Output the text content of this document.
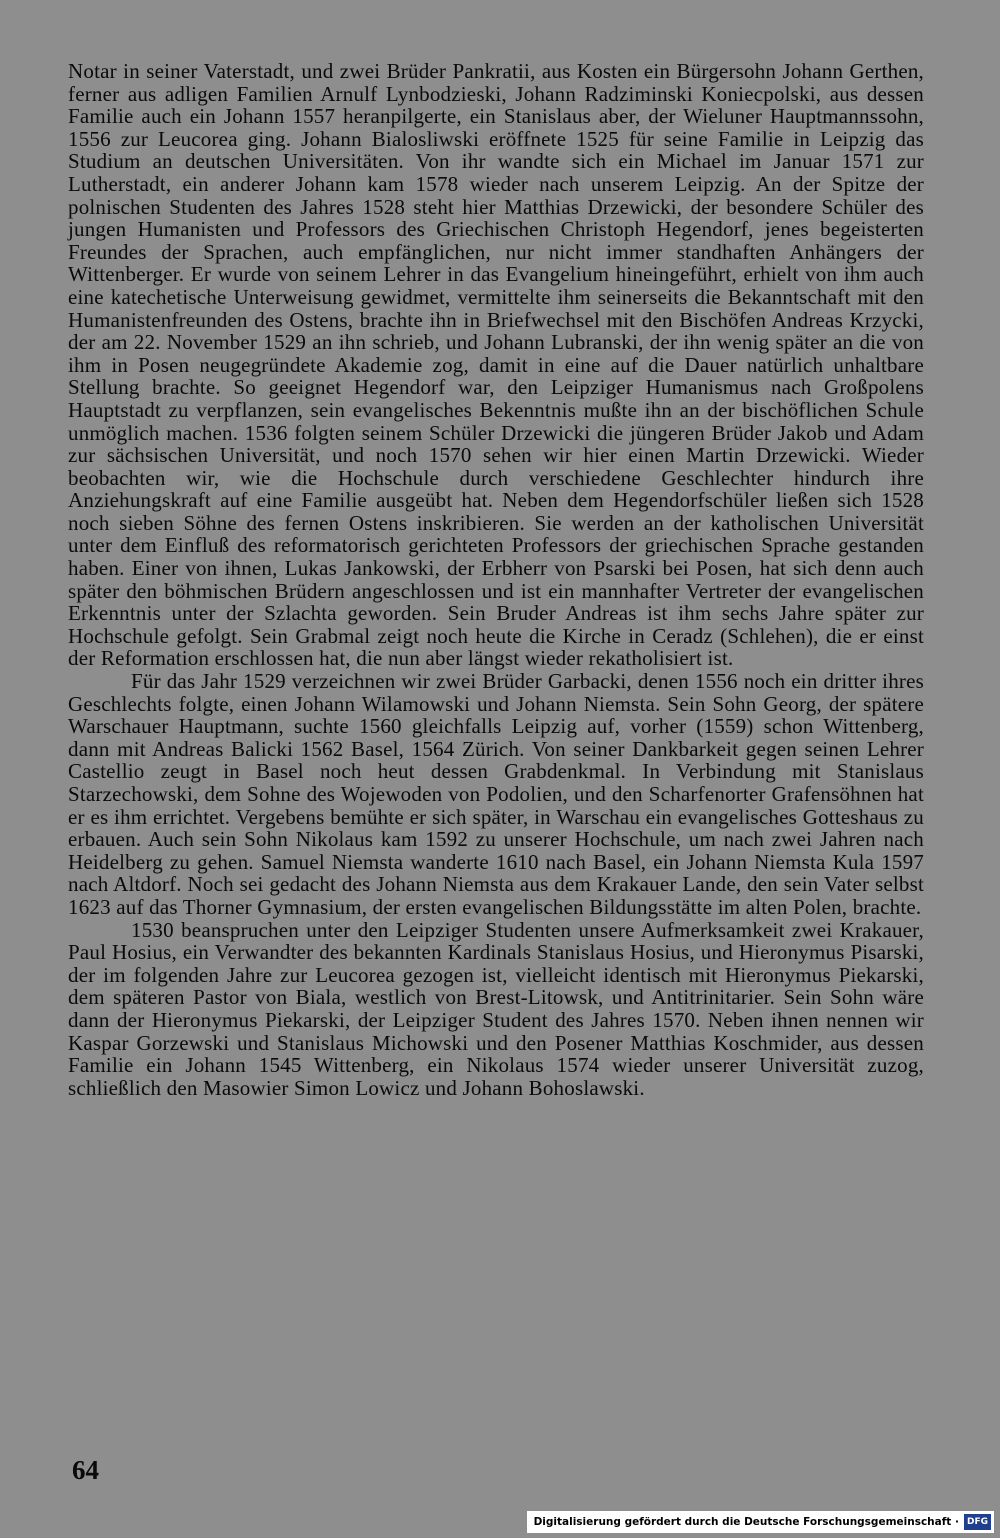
Notar in seiner Vaterstadt, und zwei Brüder Pankratii, aus Kosten ein Bürgersohn Johann Gerthen, ferner aus adligen Familien Arnulf Lynbodzieski, Johann Radziminski Koniecpolski, aus dessen Familie auch ein Johann 1557 heranpilgerte, ein Stanislaus aber, der Wieluner Hauptmannssohn, 1556 zur Leucorea ging. Johann Bialosliwski eröffnete 1525 für seine Familie in Leipzig das Studium an deutschen Universitäten. Von ihr wandte sich ein Michael im Januar 1571 zur Lutherstadt, ein anderer Johann kam 1578 wieder nach unserem Leipzig. An der Spitze der polnischen Studenten des Jahres 1528 steht hier Matthias Drzewicki, der besondere Schüler des jungen Humanisten und Professors des Griechischen Christoph Hegendorf, jenes begeisterten Freundes der Sprachen, auch empfänglichen, nur nicht immer standhaften Anhängers der Wittenberger. Er wurde von seinem Lehrer in das Evangelium hineingeführt, erhielt von ihm auch eine katechetische Unterweisung gewidmet, vermittelte ihm seinerseits die Bekanntschaft mit den Humanistenfreunden des Ostens, brachte ihn in Briefwechsel mit den Bischöfen Andreas Krzycki, der am 22. November 1529 an ihn schrieb, und Johann Lubranski, der ihn wenig später an die von ihm in Posen neugegründete Akademie zog, damit in eine auf die Dauer natürlich unhaltbare Stellung brachte. So geeignet Hegendorf war, den Leipziger Humanismus nach Großpolens Hauptstadt zu verpflanzen, sein evangelisches Bekenntnis mußte ihn an der bischöflichen Schule unmöglich machen. 1536 folgten seinem Schüler Drzewicki die jüngeren Brüder Jakob und Adam zur sächsischen Universität, und noch 1570 sehen wir hier einen Martin Drzewicki. Wieder beobachten wir, wie die Hochschule durch verschiedene Geschlechter hindurch ihre Anziehungskraft auf eine Familie ausgeübt hat. Neben dem Hegendorfschüler ließen sich 1528 noch sieben Söhne des fernen Ostens inskribieren. Sie werden an der katholischen Universität unter dem Einfluß des reformatorisch gerichteten Professors der griechischen Sprache gestanden haben. Einer von ihnen, Lukas Jankowski, der Erbherr von Psarski bei Posen, hat sich denn auch später den böhmischen Brüdern angeschlossen und ist ein mannhafter Vertreter der evangelischen Erkenntnis unter der Szlachta geworden. Sein Bruder Andreas ist ihm sechs Jahre später zur Hochschule gefolgt. Sein Grabmal zeigt noch heute die Kirche in Ceradz (Schlehen), die er einst der Reformation erschlossen hat, die nun aber längst wieder rekatholisiert ist.

Für das Jahr 1529 verzeichnen wir zwei Brüder Garbacki, denen 1556 noch ein dritter ihres Geschlechts folgte, einen Johann Wilamowski und Johann Niemsta. Sein Sohn Georg, der spätere Warschauer Hauptmann, suchte 1560 gleichfalls Leipzig auf, vorher (1559) schon Wittenberg, dann mit Andreas Balicki 1562 Basel, 1564 Zürich. Von seiner Dankbarkeit gegen seinen Lehrer Castellio zeugt in Basel noch heut dessen Grabdenkmal. In Verbindung mit Stanislaus Starzechowski, dem Sohne des Wojewoden von Podolien, und den Scharfenorter Grafensöhnen hat er es ihm errichtet. Vergebens bemühte er sich später, in Warschau ein evangelisches Gotteshaus zu erbauen. Auch sein Sohn Nikolaus kam 1592 zu unserer Hochschule, um nach zwei Jahren nach Heidelberg zu gehen. Samuel Niemsta wanderte 1610 nach Basel, ein Johann Niemsta Kula 1597 nach Altdorf. Noch sei gedacht des Johann Niemsta aus dem Krakauer Lande, den sein Vater selbst 1623 auf das Thorner Gymnasium, der ersten evangelischen Bildungsstätte im alten Polen, brachte.

1530 beanspruchen unter den Leipziger Studenten unsere Aufmerksamkeit zwei Krakauer, Paul Hosius, ein Verwandter des bekannten Kardinals Stanislaus Hosius, und Hieronymus Pisarski, der im folgenden Jahre zur Leucorea gezogen ist, vielleicht identisch mit Hieronymus Piekarski, dem späteren Pastor von Biala, westlich von Brest-Litowsk, und Antitrinitarier. Sein Sohn wäre dann der Hieronymus Piekarski, der Leipziger Student des Jahres 1570. Neben ihnen nennen wir Kaspar Gorzewski und Stanislaus Michowski und den Posener Matthias Koschmider, aus dessen Familie ein Johann 1545 Wittenberg, ein Nikolaus 1574 wieder unserer Universität zuzog, schließlich den Masowier Simon Lowicz und Johann Bohoslawski.

64
Digitalisierung gefördert durch die Deutsche Forschungsgemeinschaft · DFG
